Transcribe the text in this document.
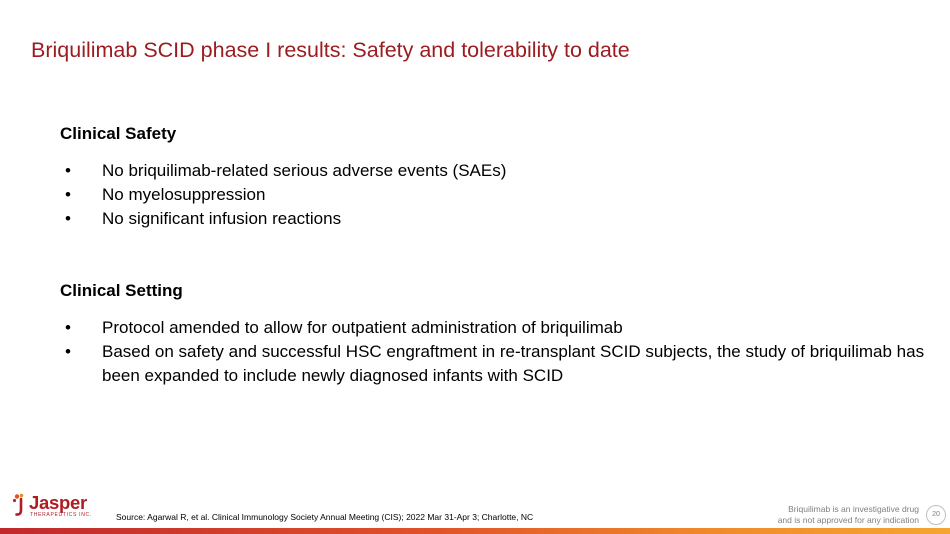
Briquilimab SCID phase I results: Safety and tolerability to date
Clinical Safety
• No briquilimab-related serious adverse events (SAEs)
• No myelosuppression
• No significant infusion reactions
Clinical Setting
• Protocol amended to allow for outpatient administration of briquilimab
• Based on safety and successful HSC engraftment in re-transplant SCID subjects, the study of briquilimab has been expanded to include newly diagnosed infants with SCID
Jasper
THERAPEUTICS INC.	Source: Agarwal R, et al. Clinical Immunology Society Annual Meeting (CIS); 2022 Mar 31-Apr 3; Charlotte, NC
Briquilimab is an investigative drug
and is not approved for any indication
20
